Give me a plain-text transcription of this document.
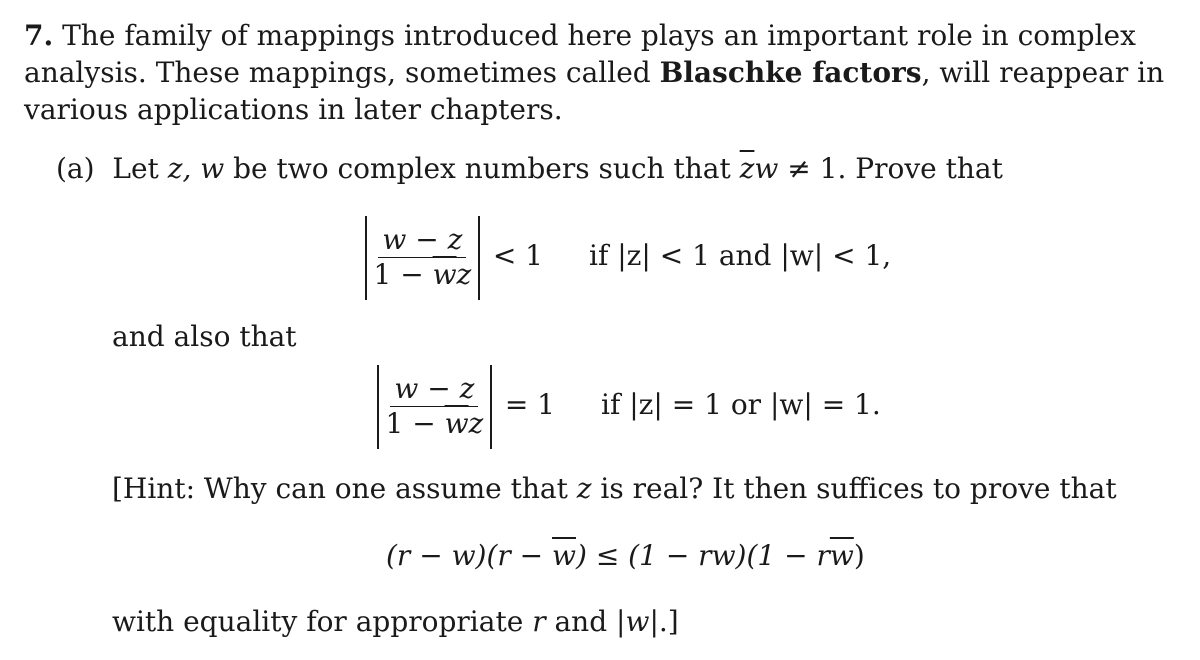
7. The family of mappings introduced here plays an important role in complex
analysis. These mappings, sometimes called Blaschke factors, will reappear in
various applications in later chapters.
(a) Let z, w be two complex numbers such that $\overline{z}w \ne 1$. Prove that
$\frac{w - z}{1 - \overline{w}z} < 1$ if |z| < 1 and |w| < 1,
and also that
$\frac{w - z}{1 - \overline{w}z} = 1$ if |z| = 1 or |w| = 1.
[Hint: Why can one assume that z is real? It then suffices to prove that
$(r - w)(r - \overline{w}) \le (1 - rw)(1 - r\overline{w})$
with equality for appropriate r and |w|.]
